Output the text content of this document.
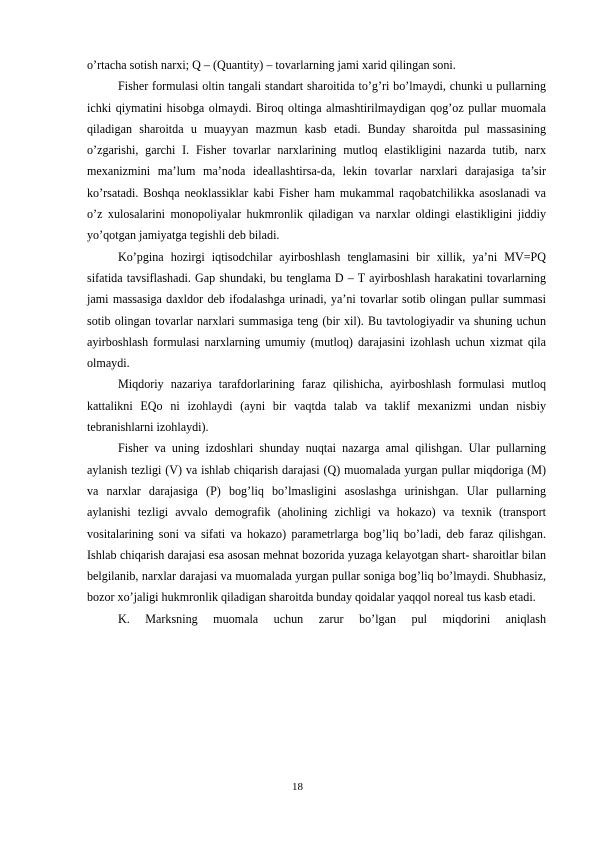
o’rtacha sotish narxi; Q – (Quantity) – tovarlarning jami xarid qilingan soni.

Fisher formulasi oltin tangali standart sharoitida to’g’ri bo’lmaydi, chunki u pullarning ichki qiymatini hisobga olmaydi. Biroq oltinga almashtirilmaydigan qog’oz pullar muomala qiladigan sharoitda u muayyan mazmun kasb etadi. Bunday sharoitda pul massasining o’zgarishi, garchi I. Fisher tovarlar narxlarining mutloq elastikligini nazarda tutib, narx mexanizmini ma’lum ma’noda ideallashtirsa-da, lekin tovarlar narxlari darajasiga ta’sir ko’rsatadi. Boshqa neoklassiklar kabi Fisher ham mukammal raqobatchilikka asoslanadi va o’z xulosalarini monopoliyalar hukmronlik qiladigan va narxlar oldingi elastikligini jiddiy yo’qotgan jamiyatga tegishli deb biladi.

Ko’pgina hozirgi iqtisodchilar ayirboshlash tenglamasini bir xillik, ya’ni MV=PQ sifatida tavsiflashadi. Gap shundaki, bu tenglama D – T ayirboshlash harakatini tovarlarning jami massasiga daxldor deb ifodalashga urinadi, ya’ni tovarlar sotib olingan pullar summasi sotib olingan tovarlar narxlari summasiga teng (bir xil). Bu tavtologiyadir va shuning uchun ayirboshlash formulasi narxlarning umumiy (mutloq) darajasini izohlash uchun xizmat qila olmaydi.

Miqdoriy nazariya tarafdorlarining faraz qilishicha, ayirboshlash formulasi mutloq kattalikni EQo ni izohlaydi (ayni bir vaqtda talab va taklif mexanizmi undan nisbiy tebranishlarni izohlaydi).

Fisher va uning izdoshlari shunday nuqtai nazarga amal qilishgan. Ular pullarning aylanish tezligi (V) va ishlab chiqarish darajasi (Q) muomalada yurgan pullar miqdoriga (M) va narxlar darajasiga (P) bog’liq bo’lmasligini asoslashga urinishgan. Ular pullarning aylanishi tezligi avvalo demografik (aholining zichligi va hokazo) va texnik (transport vositalarining soni va sifati va hokazo) parametrlarga bog’liq bo’ladi, deb faraz qilishgan. Ishlab chiqarish darajasi esa asosan mehnat bozorida yuzaga kelayotgan shart- sharoitlar bilan belgilanib, narxlar darajasi va muomalada yurgan pullar soniga bog’liq bo’lmaydi. Shubhasiz, bozor xo’jaligi hukmronlik qiladigan sharoitda bunday qoidalar yaqqol noreal tus kasb etadi.

K. Marksning muomala uchun zarur bo’lgan pul miqdorini aniqlash

18
